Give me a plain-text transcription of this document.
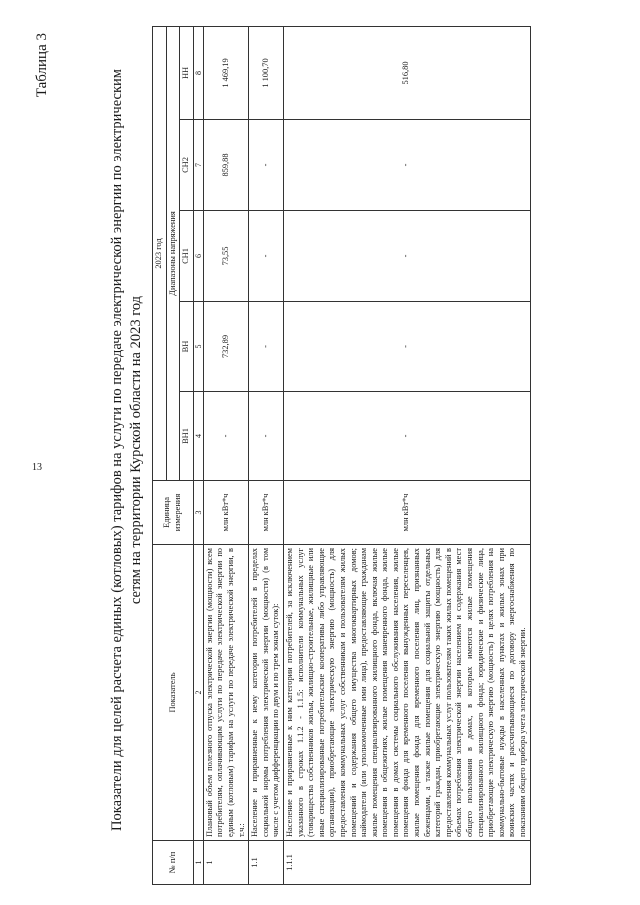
13
Таблица 3
Показатели для целей расчета единых (котловых) тарифов на услуги по передаче электрической энергии по электрическим сетям на территории Курской области на 2023 год
№ п/п	Показатель	Единица измерения	2023 год				
			Диапазоны напряжения				
			ВН1	ВН	СН1	СН2	НН
1	2	3	4	5	6	7	8
1	Плановый объем полезного отпуска электрической энергии (мощности) всем потребителям, оплачивающим услуги по передаче электрической энергии по единым (котловым) тарифам на услуги по передаче электрической энергии, в т.ч.:	млн кВт*ч	-	732,89	73,55	859,88	1 469,19
1.1	Население и приравненные к нему категории потребителей в пределах социальной нормы потребления электрической энергии (мощности) (в том числе с учетом дифференциации по двум и по трем зонам суток):	млн кВт*ч	-	-	-	-	1 100,70
1.1.1	Население и приравненные к ним категории потребителей, за исключением указанного в строках 1.1.2 - 1.1.5: исполнители коммунальных услуг (товарищества собственников жилья, жилищно-строительные, жилищные или иные специализированные потребительские кооперативы либо управляющие организации), приобретающие электрическую энергию (мощность) для предоставления коммунальных услуг собственникам и пользователям жилых помещений и содержания общего имущества многоквартирных домов; наймодатели (или уполномоченные ими лица), предоставляющие гражданам жилые помещения специализированного жилищного фонда, включая жилые помещения в общежитиях, жилые помещения маневренного фонда, жилые помещения в домах системы социального обслуживания населения, жилые помещения фонда для временного поселения вынужденных переселенцев, жилые помещения фонда для временного поселения лиц, признанных беженцами, а также жилые помещения для социальной защиты отдельных категорий граждан, приобретающие электрическую энергию (мощность) для предоставления коммунальных услуг пользователям таких жилых помещений в объемах потребления электрической энергии населением и содержания мест общего пользования в домах, в которых имеются жилые помещения специализированного жилищного фонда; юридические и физические лица, приобретающие электрическую энергию (мощность) в целях потребления на коммунально-бытовые нужды в населенных пунктах и жилых зонах при воинских частях и рассчитывающиеся по договору энергоснабжения по показаниям общего прибора учета электрической энергии.	млн кВт*ч	-	-	-	-	516,80
